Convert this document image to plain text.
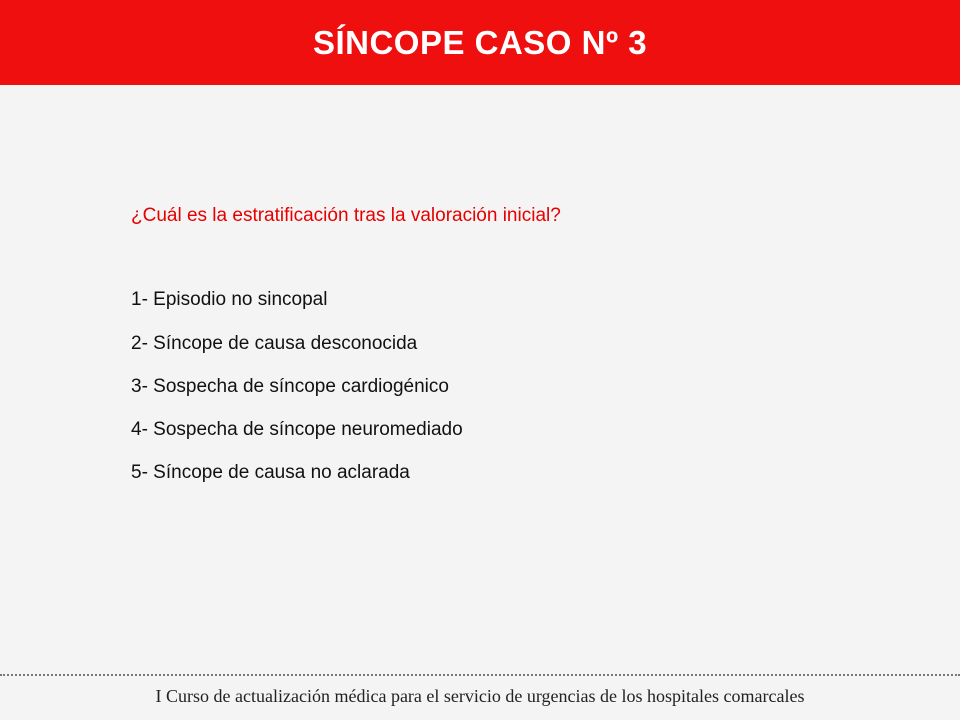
SÍNCOPE CASO Nº 3
¿Cuál es la estratificación tras la valoración inicial?
1- Episodio no sincopal
2- Síncope de causa desconocida
3- Sospecha de síncope cardiogénico
4- Sospecha de síncope neuromediado
5- Síncope de causa no aclarada
I Curso de actualización médica para el servicio de urgencias de los hospitales comarcales
